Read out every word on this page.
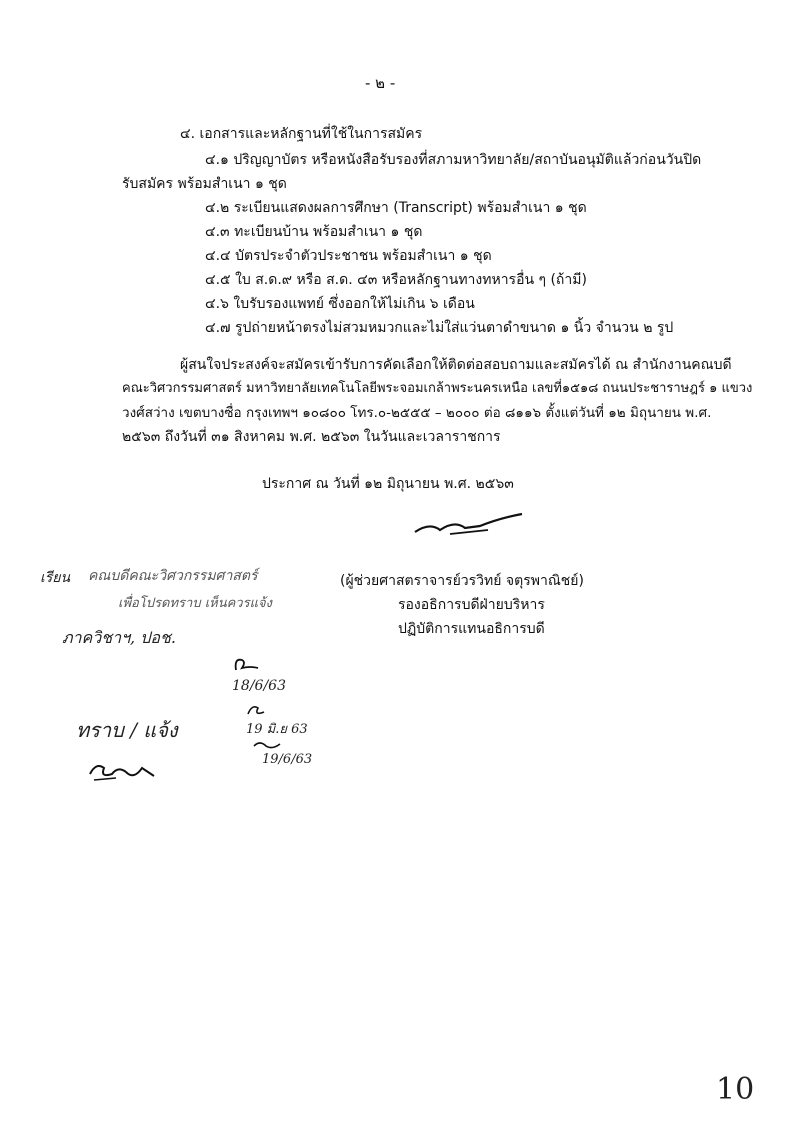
- ๒ -
๔. เอกสารและหลักฐานที่ใช้ในการสมัคร
๔.๑ ปริญญาบัตร หรือหนังสือรับรองที่สภามหาวิทยาลัย/สถาบันอนุมัติแล้วก่อนวันปิด
รับสมัคร พร้อมสำเนา ๑ ชุด
๔.๒ ระเบียนแสดงผลการศึกษา (Transcript) พร้อมสำเนา ๑ ชุด
๔.๓ ทะเบียนบ้าน พร้อมสำเนา ๑ ชุด
๔.๔ บัตรประจำตัวประชาชน พร้อมสำเนา ๑ ชุด
๔.๕ ใบ ส.ด.๙ หรือ ส.ด. ๔๓ หรือหลักฐานทางทหารอื่น ๆ (ถ้ามี)
๔.๖ ใบรับรองแพทย์ ซึ่งออกให้ไม่เกิน ๖ เดือน
๔.๗ รูปถ่ายหน้าตรงไม่สวมหมวกและไม่ใส่แว่นตาดำขนาด ๑ นิ้ว จำนวน ๒ รูป
ผู้สนใจประสงค์จะสมัครเข้ารับการคัดเลือกให้ติดต่อสอบถามและสมัครได้ ณ สำนักงานคณบดี
คณะวิศวกรรมศาสตร์ มหาวิทยาลัยเทคโนโลยีพระจอมเกล้าพระนครเหนือ เลขที่๑๕๑๘ ถนนประชาราษฎร์ ๑ แขวง
วงศ์สว่าง เขตบางซื่อ กรุงเทพฯ ๑๐๘๐๐ โทร.๐-๒๕๕๕ – ๒๐๐๐ ต่อ ๘๑๑๖ ตั้งแต่วันที่ ๑๒ มิถุนายน พ.ศ.
๒๕๖๓ ถึงวันที่ ๓๑ สิงหาคม พ.ศ. ๒๕๖๓ ในวันและเวลาราชการ
ประกาศ ณ วันที่ ๑๒ มิถุนายน พ.ศ. ๒๕๖๓
(ผู้ช่วยศาสตราจารย์วรวิทย์ จตุรพาณิชย์)
รองอธิการบดีฝ่ายบริหาร
ปฏิบัติการแทนอธิการบดี
เรียน คณบดีคณะวิศวกรรมศาสตร์
เพื่อโปรดทราบ เห็นควรแจ้ง
ภาควิชาฯ, ปอช.
18/6/63
19 มิ.ย 63
19/6/63
ทราบ / แจ้ง
10
